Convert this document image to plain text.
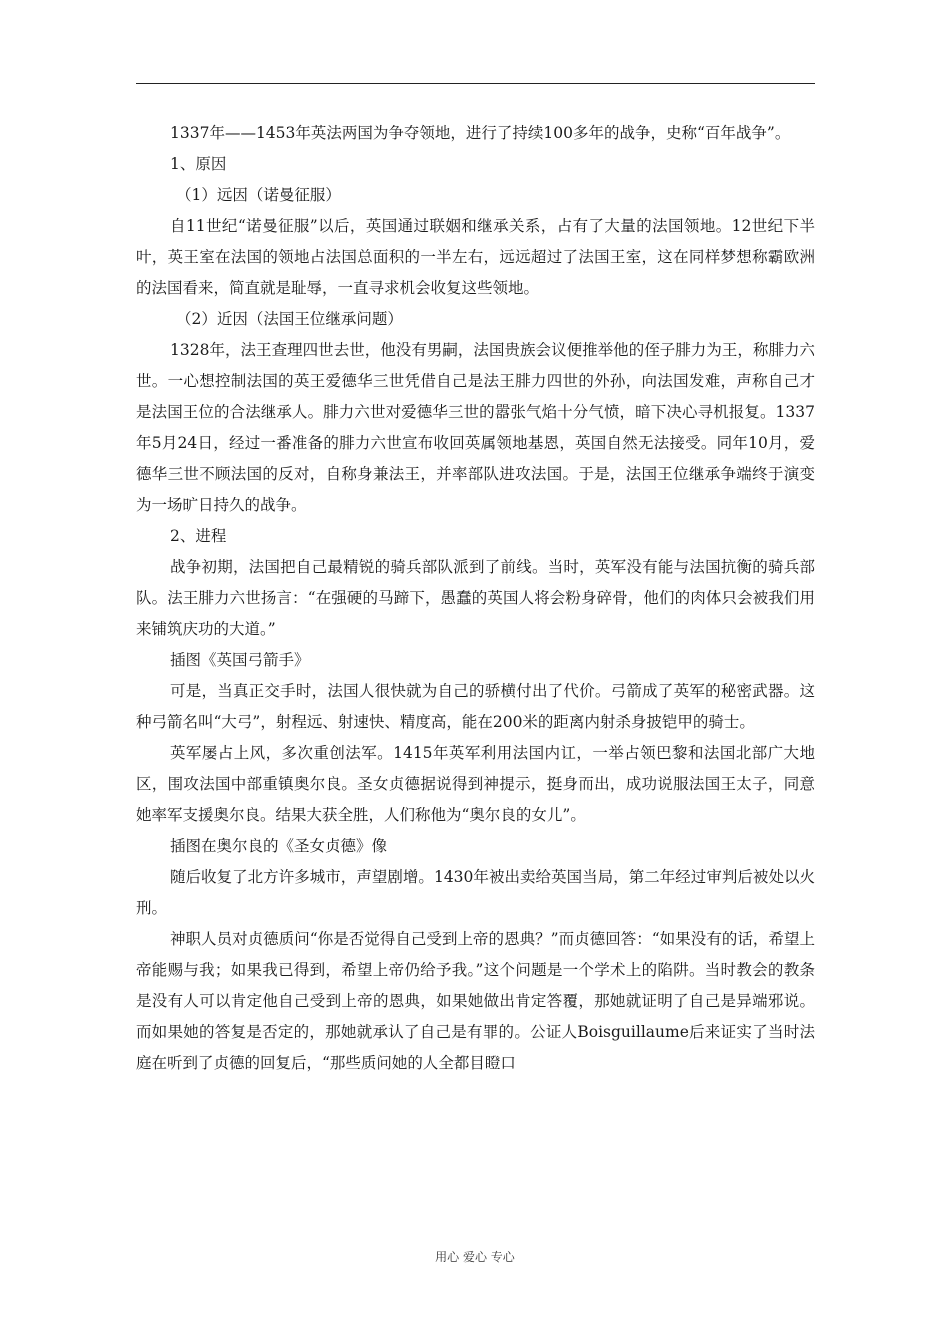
1337年——1453年英法两国为争夺领地，进行了持续100多年的战争，史称“百年战争”。

1、原因

（1）远因（诺曼征服）

自11世纪“诺曼征服”以后，英国通过联姻和继承关系，占有了大量的法国领地。12世纪下半叶，英王室在法国的领地占法国总面积的一半左右，远远超过了法国王室，这在同样梦想称霸欧洲的法国看来，简直就是耻辱，一直寻求机会收复这些领地。

（2）近因（法国王位继承问题）

1328年，法王查理四世去世，他没有男嗣，法国贵族会议便推举他的侄子腓力为王，称腓力六世。一心想控制法国的英王爱德华三世凭借自己是法王腓力四世的外孙，向法国发难，声称自己才是法国王位的合法继承人。腓力六世对爱德华三世的嚣张气焰十分气愤，暗下决心寻机报复。1337年5月24日，经过一番准备的腓力六世宣布收回英属领地基恩，英国自然无法接受。同年10月，爱德华三世不顾法国的反对，自称身兼法王，并率部队进攻法国。于是，法国王位继承争端终于演变为一场旷日持久的战争。

2、进程

战争初期，法国把自己最精锐的骑兵部队派到了前线。当时，英军没有能与法国抗衡的骑兵部队。法王腓力六世扬言：“在强硬的马蹄下，愚蠢的英国人将会粉身碎骨，他们的肉体只会被我们用来铺筑庆功的大道。”

插图《英国弓箭手》

可是，当真正交手时，法国人很快就为自己的骄横付出了代价。弓箭成了英军的秘密武器。这种弓箭名叫“大弓”，射程远、射速快、精度高，能在200米的距离内射杀身披铠甲的骑士。

英军屡占上风，多次重创法军。1415年英军利用法国内讧，一举占领巴黎和法国北部广大地区，围攻法国中部重镇奥尔良。圣女贞德据说得到神提示，挺身而出，成功说服法国王太子，同意她率军支援奥尔良。结果大获全胜，人们称他为“奥尔良的女儿”。

插图在奥尔良的《圣女贞德》像

随后收复了北方许多城市，声望剧增。1430年被出卖给英国当局，第二年经过审判后被处以火刑。

神职人员对贞德质问“你是否觉得自己受到上帝的恩典？”而贞德回答：“如果没有的话，希望上帝能赐与我；如果我已得到，希望上帝仍给予我。”这个问题是一个学术上的陷阱。当时教会的教条是没有人可以肯定他自己受到上帝的恩典，如果她做出肯定答覆，那她就证明了自己是异端邪说。而如果她的答复是否定的，那她就承认了自己是有罪的。公证人Boisguillaume后来证实了当时法庭在听到了贞德的回复后，“那些质问她的人全都目瞪口

用心 爱心 专心
